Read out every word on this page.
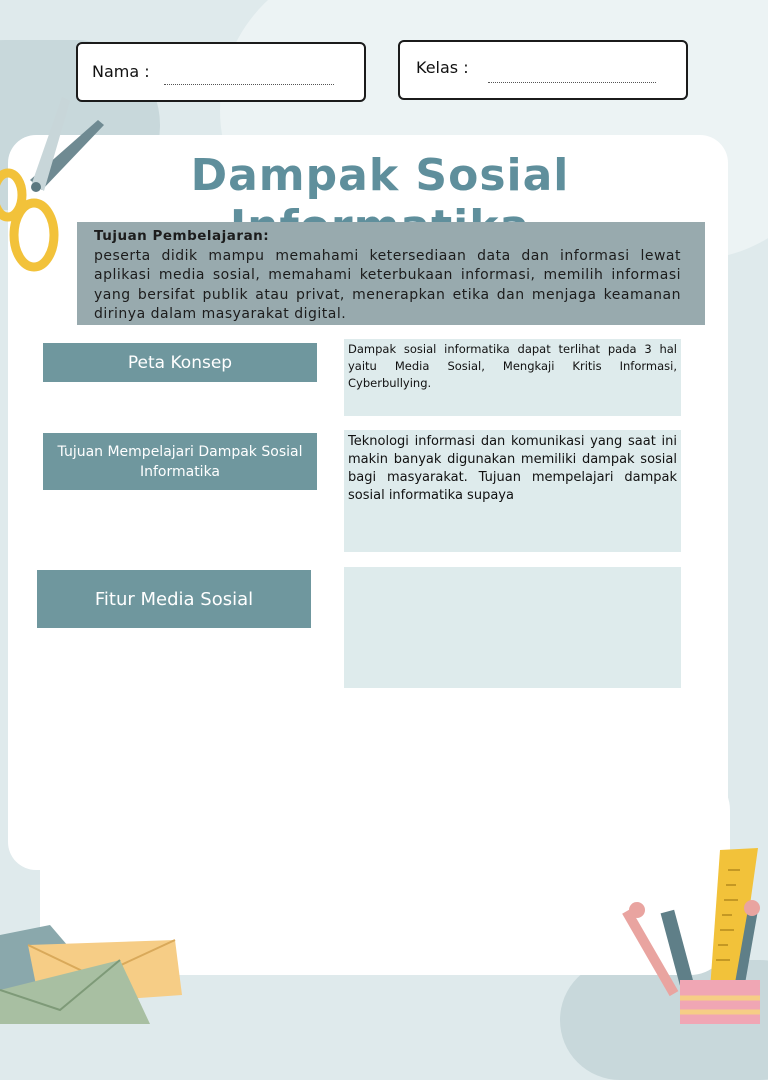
Nama :	Kelas :
Dampak Sosial
Tujuan Pembelajaran:
peserta didik mampu memahami ketersediaan data dan informasi lewat aplikasi media sosial, memahami keterbukaan informasi, memilih informasi yang bersifat publik atau privat, menerapkan etika dan menjaga keamanan dirinya dalam masyarakat digital.
Peta Konsep
Dampak sosial informatika dapat terlihat pada 3 hal yaitu Media Sosial, Mengkaji Kritis Informasi, Cyberbullying.
Tujuan Mempelajari Dampak Sosial Informatika
Teknologi informasi dan komunikasi yang saat ini makin banyak digunakan memiliki dampak sosial bagi masyarakat. Tujuan mempelajari dampak sosial informatika supaya
Fitur Media Sosial
